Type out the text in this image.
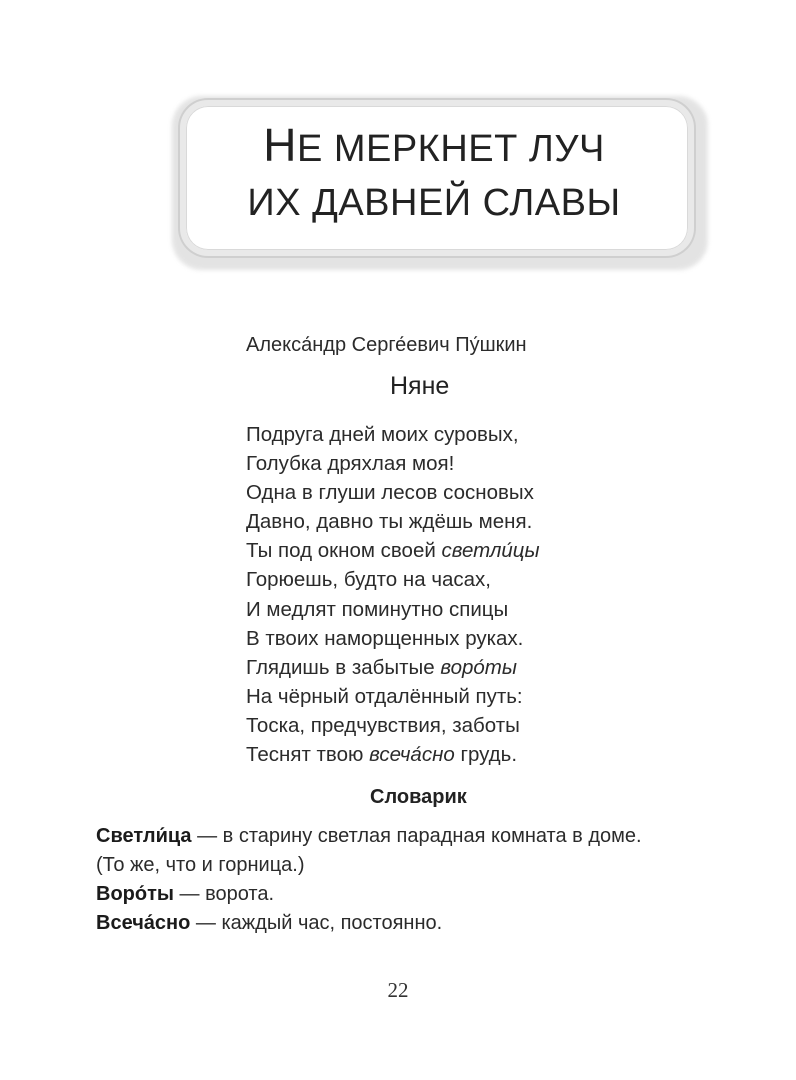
НЕ МЕРКНЕТ ЛУЧ
ИХ ДАВНЕЙ СЛАВЫ
Алекса́ндр Серге́евич Пу́шкин
Няне
Подруга дней моих суровых,
Голубка дряхлая моя!
Одна в глуши лесов сосновых
Давно, давно ты ждёшь меня.
Ты под окном своей светли́цы
Горюешь, будто на часах,
И медлят поминутно спицы
В твоих наморщенных руках.
Глядишь в забытые воро́ты
На чёрный отдалённый путь:
Тоска, предчувствия, заботы
Теснят твою всеча́сно грудь.
Словарик
Светли́ца — в старину светлая парадная комната в доме.
(То же, что и горница.)
Воро́ты — ворота.
Всеча́сно — каждый час, постоянно.
22
